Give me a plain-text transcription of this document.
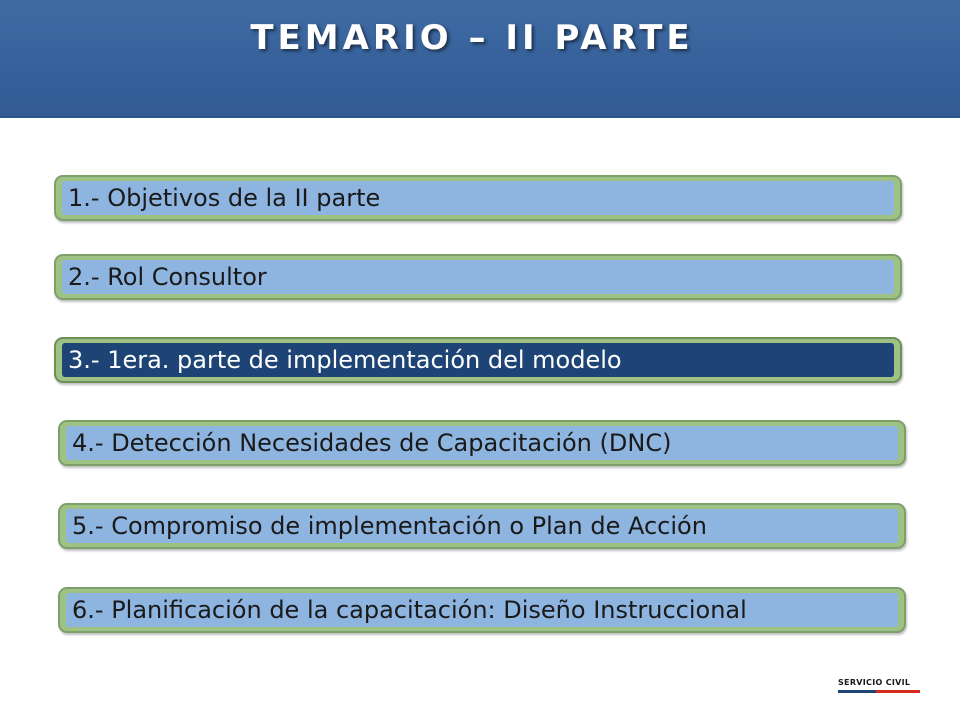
TEMARIO – II PARTE
1.- Objetivos de la II parte
2.- Rol Consultor
3.- 1era. parte de implementación del modelo
4.- Detección Necesidades de Capacitación (DNC)
5.- Compromiso de implementación o Plan de Acción
6.- Planificación de la capacitación: Diseño Instruccional
SERVICIO CIVIL
